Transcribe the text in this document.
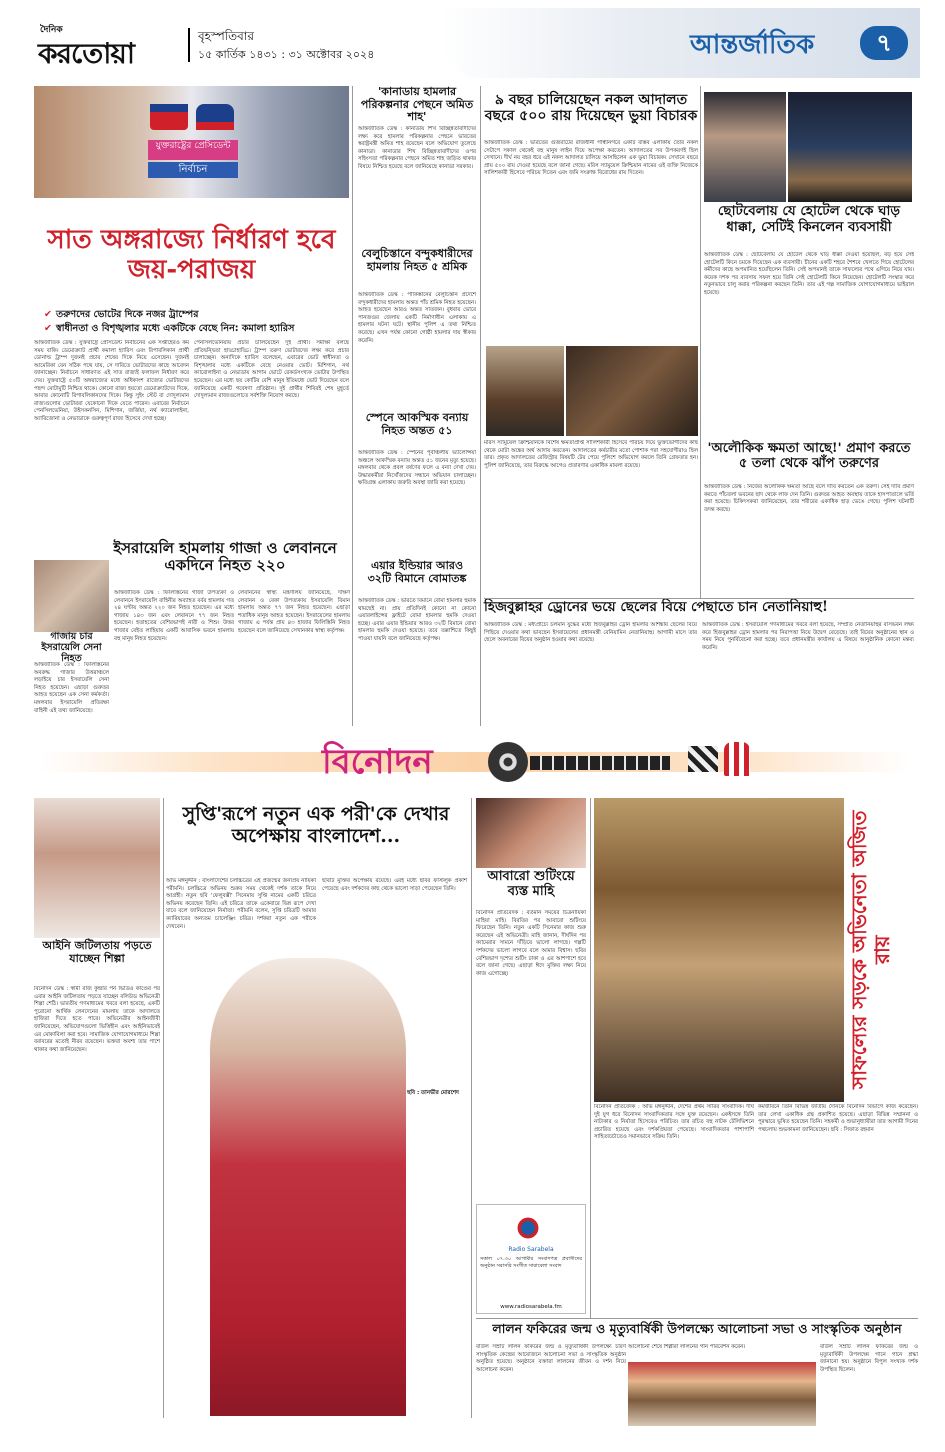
দৈনিক
করতোয়া
বৃহস্পতিবার
১৫ কার্তিক ১৪৩১ : ৩১ অক্টোবর ২০২৪	আন্তর্জাতিক	৭
যুক্তরাষ্ট্রের প্রেসিডেন্ট
নির্বাচন
সাত অঙ্গরাজ্যে নির্ধারণ হবে জয়-পরাজয়
✔ তরুণদের ভোটের দিকে নজর ট্রাম্পের
✔ স্বাধীনতা ও বিশৃঙ্খলার মধ্যে একটিকে বেছে নিন: কমালা হ্যারিস
আন্তর্জাতিক ডেস্ক : যুক্তরাষ্ট্রে প্রেসিডেন্ট নির্বাচনের এক সপ্তাহেরও কম সময় বাকি। ডেমোক্র্যাট প্রার্থী কমালা হ্যারিস এবং রিপাবলিকান প্রার্থী ডোনাল্ড ট্রাম্প দুজনই প্রচার শেষের দিকে নিয়ে এসেছেন। দুজনই আমেরিকা যেন সঠিক পথে যায়, সে দাবিতে ভোটারদের কাছে আবেদন জানাচ্ছেন। নির্বাচনে সাধারণত এই সাত রাজ্যই ফলাফল নির্ধারণ করে দেয়। যুক্তরাষ্ট্রে ৫০টি অঙ্গরাজ্যের মধ্যে অধিকাংশ রাজ্যের ভোটারদের পছন্দ মোটামুটি নিশ্চিত থাকে। কোনো রাজ্য হয়তো ডেমোক্র্যাটদের দিকে, আবার কোনোটি রিপাবলিকানদের দিকে। কিন্তু সুইং স্টেট বা দোদুল্যমান রাজ্যগুলোর ভোটাররা যেকোনো দিকে যেতে পারেন। এবারের নির্বাচনে পেনসিলভেনিয়া, উইসকনসিন, মিশিগান, জর্জিয়া, নর্থ ক্যারোলাইনা, অ্যারিজোনা ও নেভাডাকে গুরুত্বপূর্ণ রাজ্য হিসেবে দেখা হচ্ছে।
পেনসিলভেনিয়ায় প্রচার চালিয়েছেন দুই প্রার্থী। সমীক্ষা বলছে প্রতিদ্বন্দ্বিতা হাড্ডাহাড্ডি। ট্রাম্প তরুণ ভোটারদের লক্ষ্য করে প্রচার চালাচ্ছেন। অন্যদিকে হ্যারিস বলেছেন, এবারের ভোট স্বাধীনতা ও বিশৃঙ্খলার মধ্যে একটিকে বেছে নেওয়ার ভোট। মিশিগান, নর্থ ক্যারোলাইনা ও নেভাডায় আগাম ভোটে রেকর্ডসংখ্যক ভোটার উপস্থিত হয়েছেন। এর মধ্যে ছয় কোটির বেশি মানুষ ইতিমধ্যে ভোট দিয়েছেন বলে জানিয়েছে একটি গবেষণা প্রতিষ্ঠান। দুই প্রার্থীর শিবিরই শেষ মুহূর্তে দোদুল্যমান রাজ্যগুলোতে সর্বশক্তি নিয়োগ করছে।
ইসরায়েলি হামলায় গাজা ও লেবাননে একদিনে নিহত ২২০
গাজায় চার ইসরায়েলি সেনা নিহত
আন্তর্জাতিক ডেস্ক : ফিলিস্তিনের অবরুদ্ধ গাজার উত্তরাঞ্চলে লড়াইয়ে চার ইসরায়েলি সেনা নিহত হয়েছেন। এছাড়া গুরুতর আহত হয়েছেন এক সেনা কর্মকর্তা। মঙ্গলবার ইসরায়েলি প্রতিরক্ষা বাহিনী এই তথ্য জানিয়েছে।
আন্তর্জাতিক ডেস্ক : ফিলিস্তিনের গাজা উপত্যকা ও লেবাননে ইসরায়েলি বাহিনীর অব্যাহত বর্বর হামলায় গত ২৪ ঘণ্টায় অন্তত ২২০ জন নিহত হয়েছেন। এর মধ্যে গাজায় ১৪৩ জন এবং লেবাননে ৭৭ জন নিহত হয়েছেন। হতাহতের বেশিরভাগই নারী ও শিশু। উত্তর গাজার বেইত লাহিয়ায় একটি আবাসিক ভবনে হামলায় বহু মানুষ নিহত হয়েছেন।
লেবাননের স্বাস্থ্য মন্ত্রণালয় জানিয়েছে, দক্ষিণ লেবানন ও বেকা উপত্যকায় ইসরায়েলি বিমান হামলায় অন্তত ৭৭ জন নিহত হয়েছেন। এছাড়া শতাধিক মানুষ আহত হয়েছেন। ইসরায়েলের হামলায় গাজায় এ পর্যন্ত প্রায় ৪৩ হাজার ফিলিস্তিনি নিহত হয়েছেন বলে জানিয়েছে সেখানকার স্বাস্থ্য কর্তৃপক্ষ।
'কানাডায় হামলার পরিকল্পনার পেছনে অমিত শাহ'
আন্তর্জাতিক ডেস্ক : কানাডায় শিখ বিচ্ছিন্নতাবাদীদের লক্ষ্য করে হামলার পরিকল্পনার পেছনে ভারতের স্বরাষ্ট্রমন্ত্রী অমিত শাহ রয়েছেন বলে অভিযোগ তুলেছে কানাডা। কানাডার শিখ বিচ্ছিন্নতাবাদীদের ওপর সহিংসতা পরিকল্পনার পেছনে অমিত শাহ জড়িত থাকার বিষয়ে নিশ্চিত হয়েছে বলে জানিয়েছে কানাডা সরকার।
বেলুচিস্তানে বন্দুকধারীদের হামলায় নিহত ৫ শ্রমিক
আন্তর্জাতিক ডেস্ক : পাকিস্তানের বেলুচিস্তান প্রদেশে বন্দুকধারীদের হামলায় অন্তত পাঁচ শ্রমিক নিহত হয়েছেন। আহত হয়েছেন আরও অন্তত সাতজন। বুধবার ভোরে পানজগুর জেলায় একটি নির্মাণাধীন এলাকায় এ হামলার ঘটনা ঘটে। স্থানীয় পুলিশ এ তথ্য নিশ্চিত করেছে। এখন পর্যন্ত কোনো গোষ্ঠী হামলার দায় স্বীকার করেনি।
স্পেনে আকস্মিক বন্যায় নিহত অন্তত ৫১
আন্তর্জাতিক ডেস্ক : স্পেনের পূর্বাঞ্চলীয় ভ্যালেন্সিয়া অঞ্চলে আকস্মিক বন্যায় অন্তত ৫১ জনের মৃত্যু হয়েছে। মঙ্গলবার থেকে প্রবল বর্ষণের ফলে এ বন্যা দেখা দেয়। উদ্ধারকর্মীরা নিখোঁজদের সন্ধানে অভিযান চালাচ্ছেন। ক্ষতিগ্রস্ত এলাকায় জরুরি অবস্থা জারি করা হয়েছে।
এয়ার ইন্ডিয়ার আরও ৩২টি বিমানে বোমাতঙ্ক
আন্তর্জাতিক ডেস্ক : ভারতে বিমানে বোমা হামলার হুমকি থামছেই না। প্রায় প্রতিদিনই কোনো না কোনো এয়ারলাইন্সের ফ্লাইটে বোমা হামলার হুমকি দেওয়া হচ্ছে। এবার এয়ার ইন্ডিয়ার আরও ৩২টি বিমানে বোমা হামলার হুমকি দেওয়া হয়েছে। তবে তল্লাশিতে কিছুই পাওয়া যায়নি বলে জানিয়েছে কর্তৃপক্ষ।
৯ বছর চালিয়েছেন নকল আদালত বছরে ৫০০ রায় দিয়েছেন ভুয়া বিচারক
আন্তর্জাতিক ডেস্ক : ভারতের গুজরাটের রাজধানী গান্ধীনগরে একটি বাস্তব এলাকায় তৈরি নকল সেটাপে সকাল থেকেই বহু মানুষ লাইন দিয়ে অপেক্ষা করতেন। আদালতের সব উপকরণই ছিল সেখানে। দীর্ঘ নয় বছর ধরে এই নকল আদালত চালিয়ে আসছিলেন এক ভুয়া বিচারক। সেখানে বছরে প্রায় ৫০০ রায় দেওয়া হয়েছে বলে জানা গেছে। মরিস স্যামুয়েল ক্রিশ্চিয়ান নামের ওই ব্যক্তি নিজেকে সালিশকারী হিসেবে পরিচয় দিতেন এবং জমি সংক্রান্ত বিরোধের রায় দিতেন।
মরিস স্যামুয়েল ক্রিশ্চিয়ানকে বিশেষ ক্ষমতাপ্রাপ্ত সালিশকারী হিসেবে পরিচয় দিয়ে ভুক্তভোগীদের কাছ থেকে মোটা অঙ্কের অর্থ আদায় করতেন। আদালতের কর্মচারীর মতো পোশাক পরা সহযোগীরাও ছিল তার। প্রকৃত আদালতের রেজিস্ট্রার বিষয়টি টের পেয়ে পুলিশে অভিযোগ করলে তিনি গ্রেফতার হন। পুলিশ জানিয়েছে, তার বিরুদ্ধে আগেও প্রতারণার একাধিক মামলা রয়েছে।
ছোটবেলায় যে হোটেল থেকে ঘাড় ধাক্কা, সেটিই কিনলেন ব্যবসায়ী
আন্তর্জাতিক ডেস্ক : ছোটবেলায় যে হোটেল থেকে ঘাড় ধাক্কা দেওয়া হয়েছিল, বড় হয়ে সেই হোটেলটি কিনে চমকে দিয়েছেন এক ব্যবসায়ী। চীনের একটি শহরে শৈশবে খেলতে গিয়ে হোটেলের কর্মীদের কাছে অপমানিত হয়েছিলেন তিনি। সেই অপমানই তাকে সাফল্যের পথে এগিয়ে নিয়ে যায়। কয়েক দশক পর ব্যবসায় সফল হয়ে তিনি সেই হোটেলটি কিনে নিয়েছেন। হোটেলটি সংস্কার করে নতুনভাবে চালু করার পরিকল্পনা করছেন তিনি। তার এই গল্প সামাজিক যোগাযোগমাধ্যমে ভাইরাল হয়েছে।
'অলৌকিক ক্ষমতা আছে!' প্রমাণ করতে ৫ তলা থেকে ঝাঁপ তরুণের
আন্তর্জাতিক ডেস্ক : নিজের অলৌকিক ক্ষমতা আছে বলে দাবি করতেন এক তরুণ। সেই দাবি প্রমাণ করতে পাঁচতলা ভবনের ছাদ থেকে লাফ দেন তিনি। গুরুতর আহত অবস্থায় তাকে হাসপাতালে ভর্তি করা হয়েছে। চিকিৎসকরা জানিয়েছেন, তার শরীরের একাধিক হাড় ভেঙে গেছে। পুলিশ ঘটনাটি তদন্ত করছে।
হিজবুল্লাহর ড্রোনের ভয়ে ছেলের বিয়ে পেছাতে চান নেতানিয়াহু!
আন্তর্জাতিক ডেস্ক : মধ্যপ্রাচ্যে চলমান যুদ্ধের মধ্যে হিজবুল্লাহর ড্রোন হামলার আশঙ্কায় ছেলের বিয়ে পিছিয়ে দেওয়ার কথা ভাবছেন ইসরায়েলের প্রধানমন্ত্রী বেনিয়ামিন নেতানিয়াহু। আগামী মাসে তার ছেলে অবনারের বিয়ের অনুষ্ঠান হওয়ার কথা রয়েছে।
আন্তর্জাতিক ডেস্ক : ইসরায়েলি গণমাধ্যমের খবরে বলা হয়েছে, সম্প্রতি নেতানিয়াহুর বাসভবন লক্ষ্য করে হিজবুল্লাহর ড্রোন হামলার পর নিরাপত্তা নিয়ে উদ্বেগ বেড়েছে। তাই বিয়ের অনুষ্ঠানের স্থান ও সময় নিয়ে পুনর্বিবেচনা করা হচ্ছে। তবে প্রধানমন্ত্রীর কার্যালয় এ বিষয়ে আনুষ্ঠানিক কোনো মন্তব্য করেনি।
বিনোদন
আইনি জটিলতায় পড়তে যাচ্ছেন শিল্পা
বিনোদন ডেস্ক : স্বামী রাজ কুন্দ্রার পর্ন ভিডিও কাণ্ডের পর এবার আইনি জটিলতায় পড়তে যাচ্ছেন বলিউড অভিনেত্রী শিল্পা শেঠি। ভারতীয় গণমাধ্যমের খবরে বলা হয়েছে, একটি পুরোনো আর্থিক লেনদেনের মামলায় তাকে আদালতে হাজিরা দিতে হতে পারে। অভিনেত্রীর আইনজীবী জানিয়েছেন, অভিযোগগুলো ভিত্তিহীন এবং আইনিভাবেই এর মোকাবিলা করা হবে। সামাজিক যোগাযোগমাধ্যমে শিল্পা বরাবরের মতোই নীরব রয়েছেন। ভক্তরা অবশ্য তার পাশে থাকার কথা জানিয়েছেন।
সুপ্তি'রূপে নতুন এক পরী'কে দেখার অপেক্ষায় বাংলাদেশ...
অভি মঈনুদ্দীন : বাংলাদেশের চলচ্চিত্রের এই প্রজন্মের জনপ্রিয় নায়িকা পরীমনি। চলচ্চিত্রে অভিনয় শুরুর সময় থেকেই দর্শক তাকে নিয়ে আগ্রহী। নতুন ছবি 'ফেলুবক্সী' সিনেমায় সুপ্তি নামের একটি চরিত্রে অভিনয় করেছেন তিনি। এই চরিত্রে তাকে একেবারে ভিন্ন রূপে দেখা যাবে বলে জানিয়েছেন নির্মাতা। পরীমনি বলেন, সুপ্তি চরিত্রটি আমার ক্যারিয়ারের অন্যতম চ্যালেঞ্জিং চরিত্র। দর্শকরা নতুন এক পরীকে দেখবেন।
ছবিটি মুক্তির অপেক্ষায় রয়েছে। এরই মধ্যে ছবির ফার্স্টলুক প্রকাশ পেয়েছে এবং দর্শকদের কাছ থেকে ভালো সাড়া পেয়েছেন তিনি।
ছবি : তানভীর মোরশেদ
আবারো শুটিংয়ে ব্যস্ত মাহি
বিনোদন প্রতিবেদক : বর্তমান সময়ের চিত্রনায়িকা মাহিয়া মাহি। বিরতির পর আবারো শুটিংয়ে ফিরেছেন তিনি। নতুন একটি সিনেমার কাজ শুরু করেছেন এই অভিনেত্রী। মাহি জানান, দীর্ঘদিন পর ক্যামেরার সামনে দাঁড়িয়ে ভালো লাগছে। গল্পটি দর্শকদের ভালো লাগবে বলে আমার বিশ্বাস। ছবির বেশিরভাগ দৃশ্যের শুটিং ঢাকা ও এর আশপাশে হবে বলে জানা গেছে। এছাড়া ঈদে মুক্তির লক্ষ্য নিয়ে কাজ এগোচ্ছে।
Radio Sarabela
সকাল ০৭.৩০ আগামীর সংবাদপত্র প্রবাসীদের অনুষ্ঠান সরাসরি সংগীত সারাবেলা সংবাদ
www.radiosarabela.fm
সাফল্যের সড়কে অভিনেতা অজিত রায়
বিনোদন প্রতিবেদক : অভি মঈনুদ্দীন, দেশের প্রথম সারির সাংবাদিক। দীর্ঘ দুই যুগ ধরে বিনোদন সাংবাদিকতার সঙ্গে যুক্ত রয়েছেন। একইসঙ্গে তিনি নাট্যকার ও নির্মাতা হিসেবেও পরিচিত। তার রচিত বহু নাটক টেলিভিশনে প্রচারিত হয়েছে এবং দর্শকপ্রিয়তা পেয়েছে। সাংবাদিকতার পাশাপাশি সাহিত্যচর্চাতেও সমানভাবে সক্রিয় তিনি।
কর্মজীবনে তিনি বিভিন্ন জাতীয় দৈনিকে বিনোদন বিভাগে কাজ করেছেন। তার লেখা একাধিক গ্রন্থ প্রকাশিত হয়েছে। এছাড়া বিভিন্ন সম্মাননা ও পুরস্কারে ভূষিত হয়েছেন তিনি। সহকর্মী ও শুভানুধ্যায়ীরা তার আগামী দিনের পথচলায় শুভকামনা জানিয়েছেন। ছবি : সিফাত রহমান
লালন ফকিরের জন্ম ও মৃত্যুবার্ষিকী উপলক্ষ্যে আলোচনা সভা ও সাংস্কৃতিক অনুষ্ঠান
বাউল সম্রাট লালন ফকিরের জন্ম ও মৃত্যুবার্ষিকী উপলক্ষ্যে চারণ সাংস্কৃতিক কেন্দ্রের আয়োজনে আলোচনা সভা ও সাংস্কৃতিক অনুষ্ঠান অনুষ্ঠিত হয়েছে। অনুষ্ঠানে বক্তারা লালনের জীবন ও দর্শন নিয়ে আলোচনা করেন।
আলোচনা শেষে শিল্পীরা লালনের গান পরিবেশন করেন।	বাউল সম্রাট লালন ফকিরের জন্ম ও মৃত্যুবার্ষিকী উপলক্ষ্যে গানে গানে শ্রদ্ধা জানানো হয়। অনুষ্ঠানে বিপুল সংখ্যক দর্শক উপস্থিত ছিলেন।
